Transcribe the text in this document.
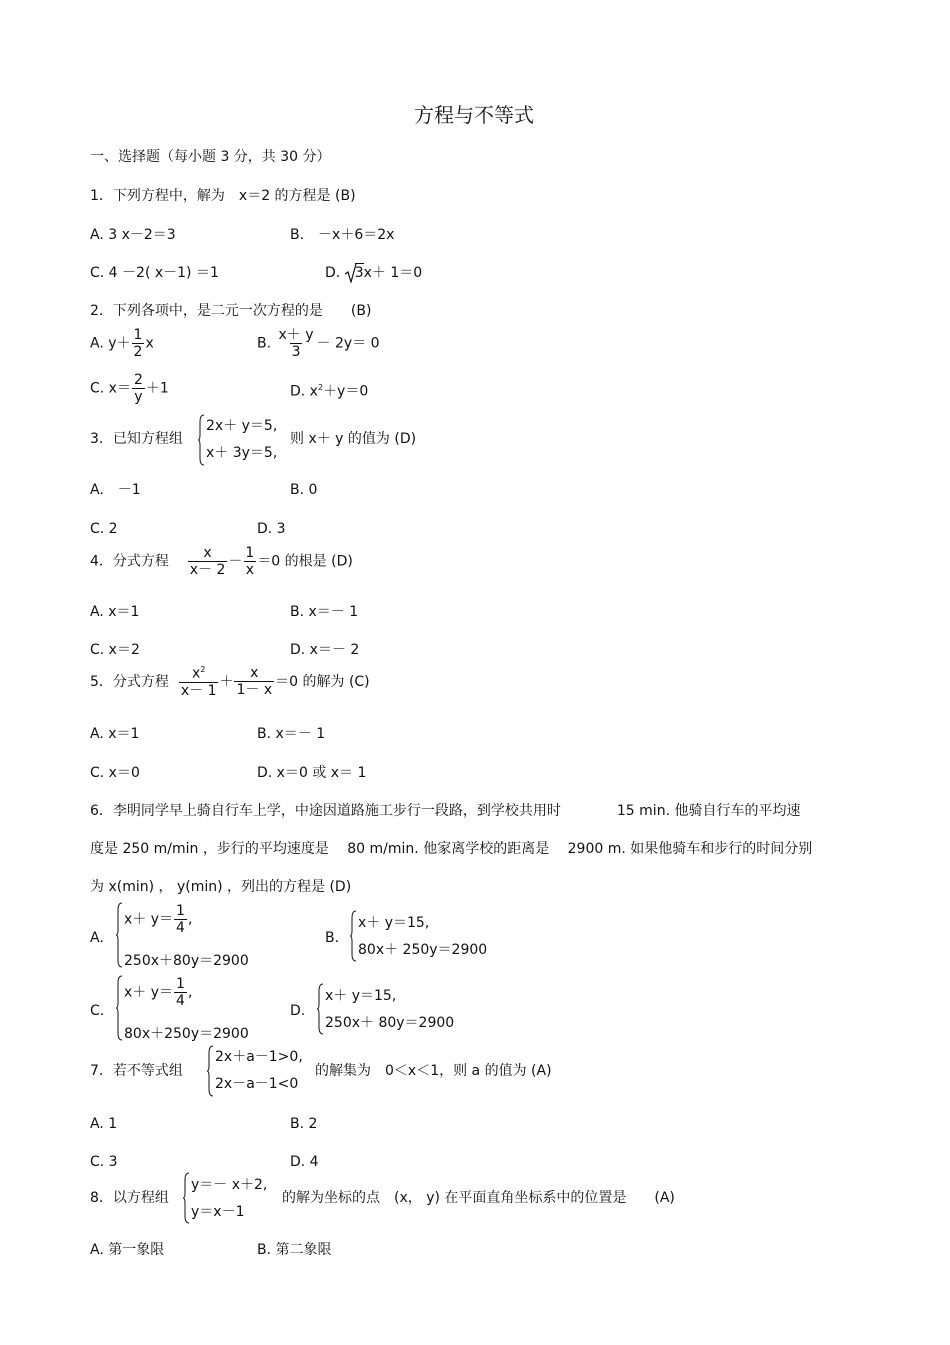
方程与不等式
一、选择题（每小题 3 分，共 30 分）
1．下列方程中，解为　x＝2 的方程是 (B)
A. 3 x－2＝3	B.　－x＋6＝2x
C. 4 －2( x－1) ＝1	D. 3x＋ 1＝0
2．下列各项中，是二元一次方程的是　　(B)
A. $y+ \frac{1}{2}$ x	B. $\frac{x+ y}{3} - 2y= 0$
C. $x= \frac{2}{y} +1$	D. $x^2+y=0$
3．已知方程组
2x＋ y＝5,
x＋ 3y＝5,
则 x＋ y 的值为 (D)
A.　－1	B. 0
C. 2	D. 3
4．分式方程 $\frac{x}{x- 2} - \frac{1}{x} =0$ 的根是 (D)
A. x＝1	B. x＝－ 1
C. x＝2	D. x＝－ 2
5．分式方程 $\frac{x^2}{x- 1} + \frac{x}{1- x} =0$ 的解为 (C)
A. x＝1	B. x＝－ 1
C. x＝0	D. x＝0 或 x＝ 1
6．李明同学早上骑自行车上学，中途因道路施工步行一段路，到学校共用时　　　　15 min. 他骑自行车的平均速
度是 250 m/min ，步行的平均速度是　 80 m/min. 他家离学校的距离是　 2900 m. 如果他骑车和步行的时间分别
为 x(min) ， y(min) ，列出的方程是 (D)
A.
$x+ y= \frac{1}{4}$ ,
250x＋80y＝2900
B.
x＋ y＝15,
80x＋ 250y＝2900
C.
$x+ y= \frac{1}{4}$ ,
80x＋250y＝2900
D.
x＋ y＝15,
250x＋ 80y＝2900
7．若不等式组
2x＋a－1>0,
2x－a－1<0
的解集为　0＜x＜1，则 a 的值为 (A)
A. 1	B. 2
C. 3	D. 4
8．以方程组
y＝－ x＋2,
y＝x－1
的解为坐标的点　(x， y) 在平面直角坐标系中的位置是　　(A)
A. 第一象限	B. 第二象限
